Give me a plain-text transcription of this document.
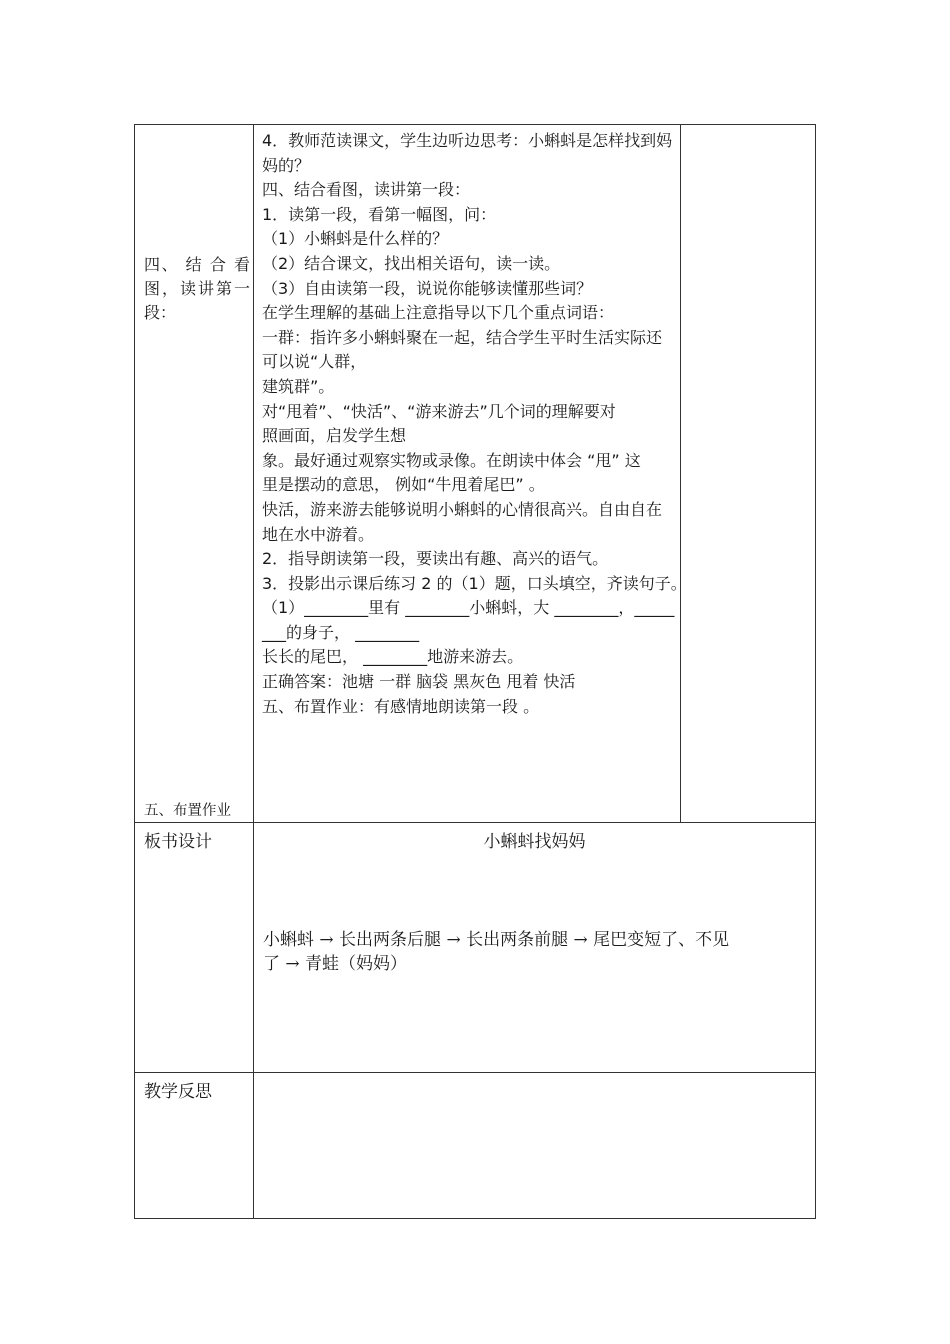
四、 结 合 看图，读讲第一段：
五、布置作业
4．教师范读课文，学生边听边思考：小蝌蚪是怎样找到妈
妈的？
四、结合看图，读讲第一段：
1．读第一段，看第一幅图，问：
（1）小蝌蚪是什么样的？
（2）结合课文，找出相关语句，读一读。
（3）自由读第一段，说说你能够读懂那些词？
在学生理解的基础上注意指导以下几个重点词语：
一群：指许多小蝌蚪聚在一起，结合学生平时生活实际还
可以说“人群，
建筑群”。
对“甩着”、“快活”、“游来游去”几个词的理解要对
照画面，启发学生想
象。最好通过观察实物或录像。在朗读中体会 “甩” 这
里是摆动的意思， 例如“牛甩着尾巴” 。
快活，游来游去能够说明小蝌蚪的心情很高兴。自由自在
地在水中游着。
2．指导朗读第一段，要读出有趣、高兴的语气。
3．投影出示课后练习 2 的（1）题，口头填空，齐读句子。
（1）________里有 ________小蝌蚪，大 ________，_____
___的身子， ________
长长的尾巴， ________地游来游去。
正确答案：池塘 一群 脑袋 黑灰色 甩着 快活
五、布置作业：有感情地朗读第一段 。
板书设计	小蝌蚪找妈妈
小蝌蚪 → 长出两条后腿 → 长出两条前腿 → 尾巴变短了、不见
了 → 青蛙（妈妈）
教学反思
